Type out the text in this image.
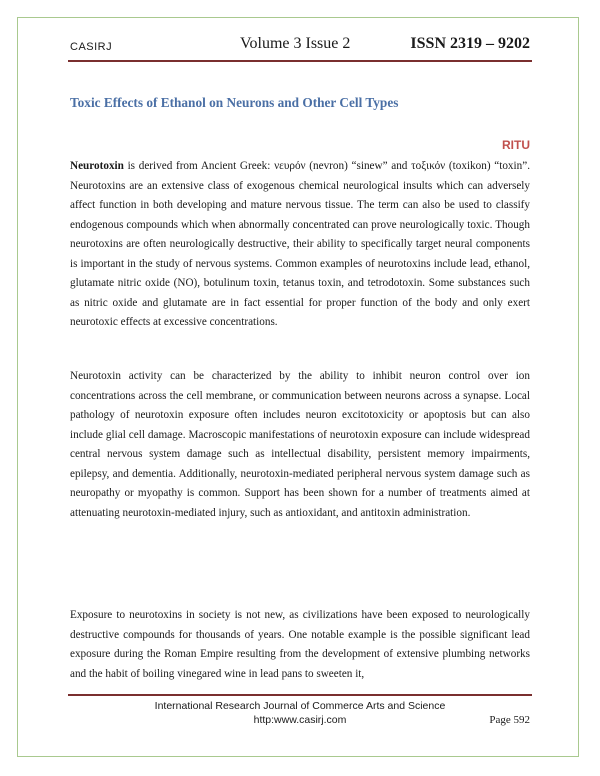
CASIRJ	Volume 3 Issue 2	ISSN 2319 – 9202
Toxic Effects of Ethanol on Neurons and Other Cell Types
RITU
Neurotoxin is derived from Ancient Greek: νευρόν (nevron) “sinew” and τοξικόν (toxikon) “toxin”. Neurotoxins are an extensive class of exogenous chemical neurological insults which can adversely affect function in both developing and mature nervous tissue. The term can also be used to classify endogenous compounds which when abnormally concentrated can prove neurologically toxic. Though neurotoxins are often neurologically destructive, their ability to specifically target neural components is important in the study of nervous systems. Common examples of neurotoxins include lead, ethanol, glutamate nitric oxide (NO), botulinum toxin, tetanus toxin, and tetrodotoxin. Some substances such as nitric oxide and glutamate are in fact essential for proper function of the body and only exert neurotoxic effects at excessive concentrations.
Neurotoxin activity can be characterized by the ability to inhibit neuron control over ion concentrations across the cell membrane, or communication between neurons across a synapse. Local pathology of neurotoxin exposure often includes neuron excitotoxicity or apoptosis but can also include glial cell damage. Macroscopic manifestations of neurotoxin exposure can include widespread central nervous system damage such as intellectual disability, persistent memory impairments, epilepsy, and dementia. Additionally, neurotoxin-mediated peripheral nervous system damage such as neuropathy or myopathy is common. Support has been shown for a number of treatments aimed at attenuating neurotoxin-mediated injury, such as antioxidant, and antitoxin administration.
Exposure to neurotoxins in society is not new, as civilizations have been exposed to neurologically destructive compounds for thousands of years. One notable example is the possible significant lead exposure during the Roman Empire resulting from the development of extensive plumbing networks and the habit of boiling vinegared wine in lead pans to sweeten it,
International Research Journal of Commerce Arts and Science
http:www.casirj.com	Page 592
